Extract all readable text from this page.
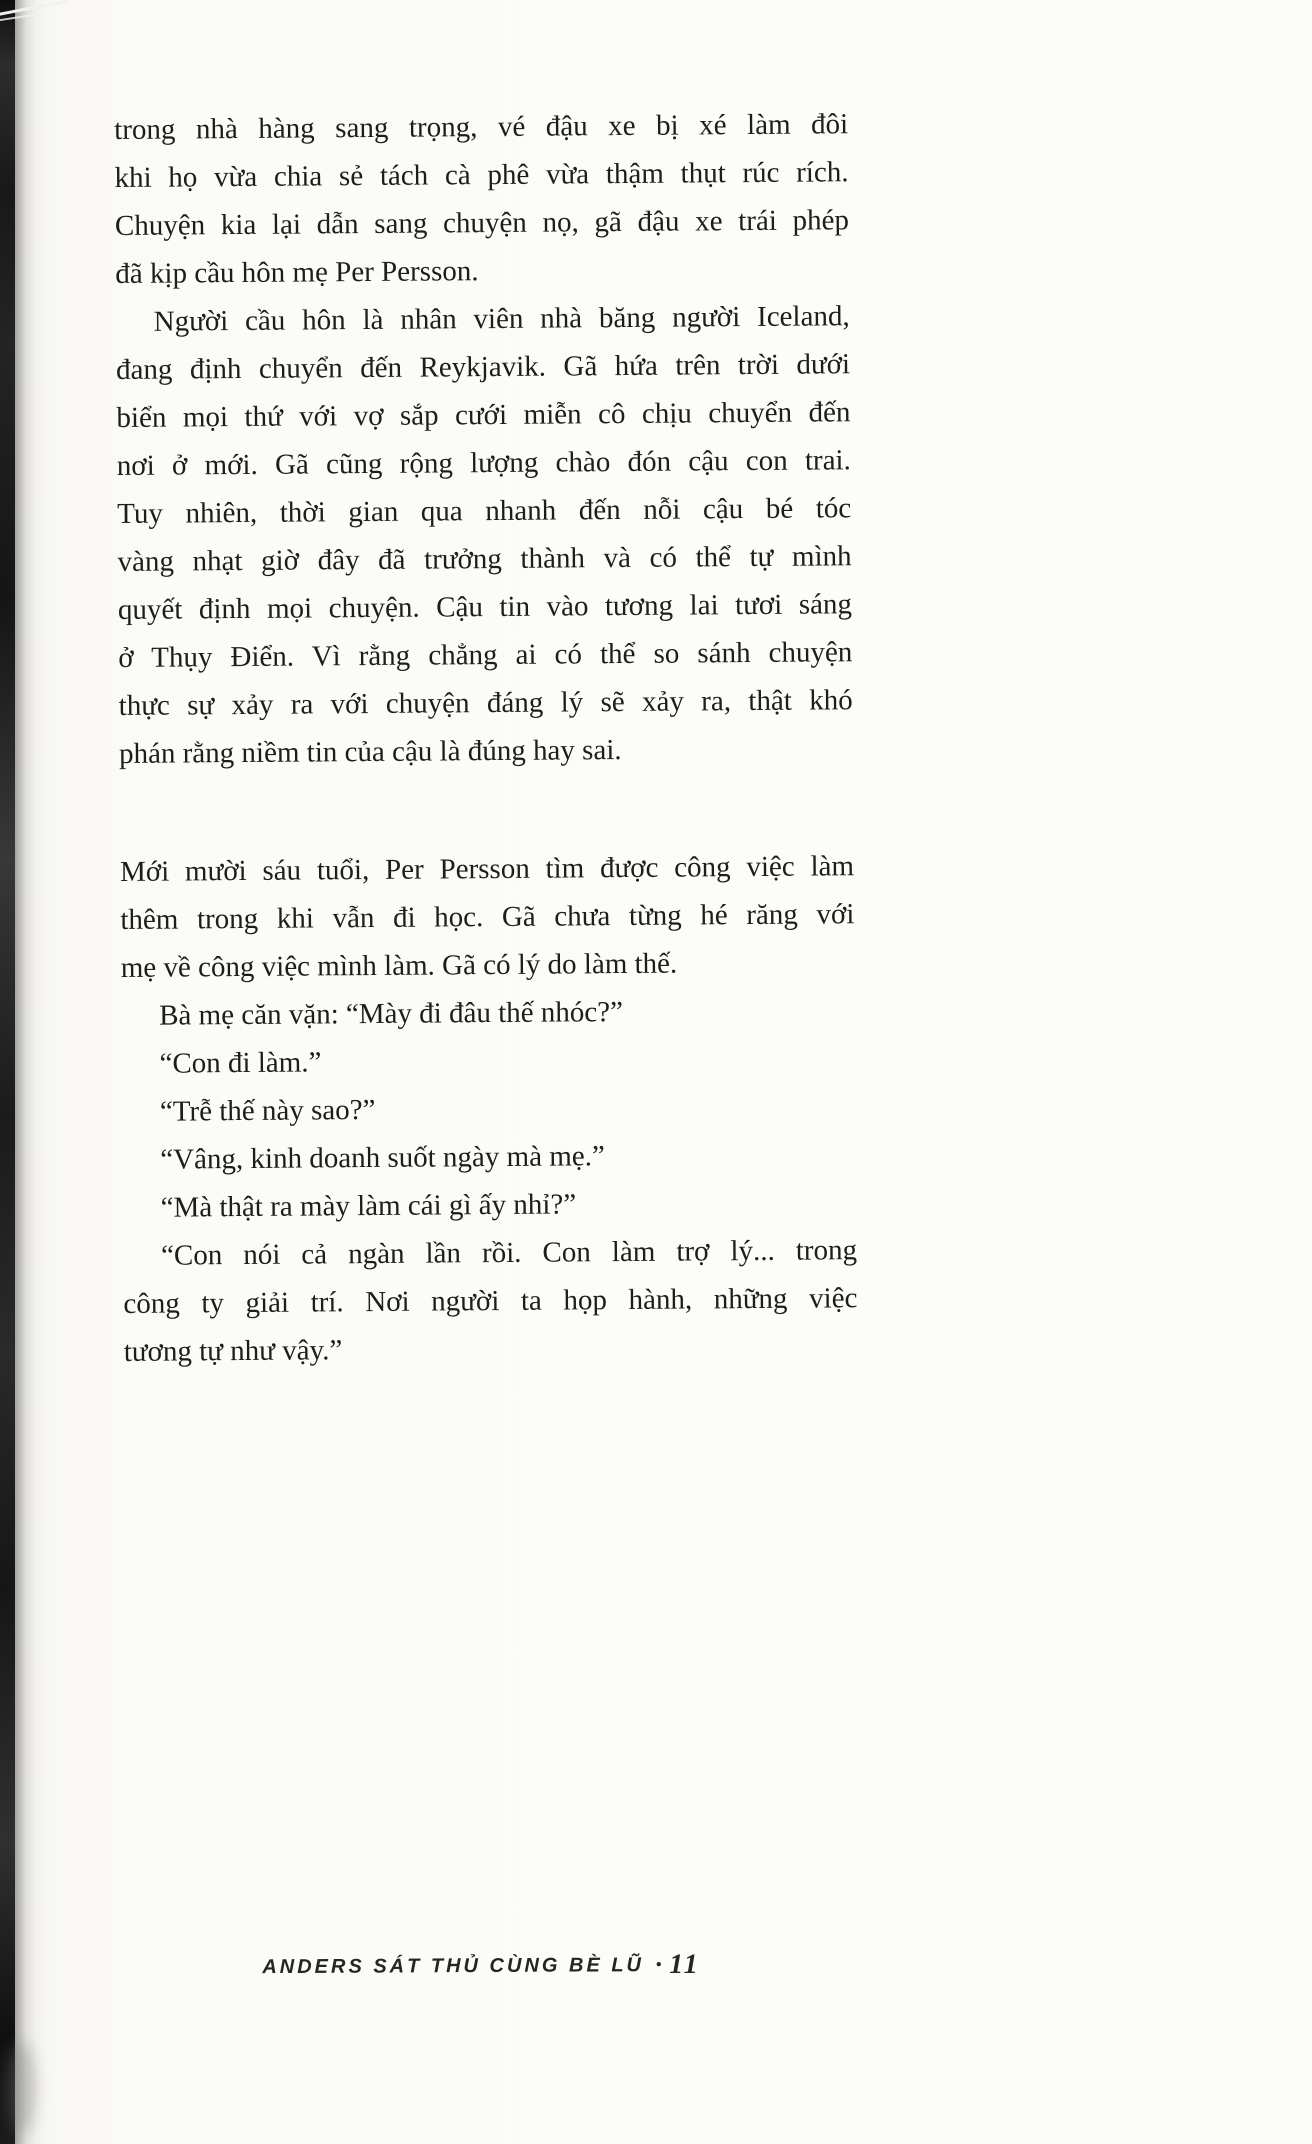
trong nhà hàng sang trọng, vé đậu xe bị xé làm đôi
khi họ vừa chia sẻ tách cà phê vừa thậm thụt rúc rích.
Chuyện kia lại dẫn sang chuyện nọ, gã đậu xe trái phép
đã kịp cầu hôn mẹ Per Persson.
Người cầu hôn là nhân viên nhà băng người Iceland,
đang định chuyển đến Reykjavik. Gã hứa trên trời dưới
biển mọi thứ với vợ sắp cưới miễn cô chịu chuyển đến
nơi ở mới. Gã cũng rộng lượng chào đón cậu con trai.
Tuy nhiên, thời gian qua nhanh đến nỗi cậu bé tóc
vàng nhạt giờ đây đã trưởng thành và có thể tự mình
quyết định mọi chuyện. Cậu tin vào tương lai tươi sáng
ở Thụy Điển. Vì rằng chẳng ai có thể so sánh chuyện
thực sự xảy ra với chuyện đáng lý sẽ xảy ra, thật khó
phán rằng niềm tin của cậu là đúng hay sai.
Mới mười sáu tuổi, Per Persson tìm được công việc làm
thêm trong khi vẫn đi học. Gã chưa từng hé răng với
mẹ về công việc mình làm. Gã có lý do làm thế.
Bà mẹ căn vặn: “Mày đi đâu thế nhóc?”
“Con đi làm.”
“Trễ thế này sao?”
“Vâng, kinh doanh suốt ngày mà mẹ.”
“Mà thật ra mày làm cái gì ấy nhỉ?”
“Con nói cả ngàn lần rồi. Con làm trợ lý... trong
công ty giải trí. Nơi người ta họp hành, những việc
tương tự như vậy.”
ANDERS SÁT THỦ CÙNG BÈ LŨ • 11
